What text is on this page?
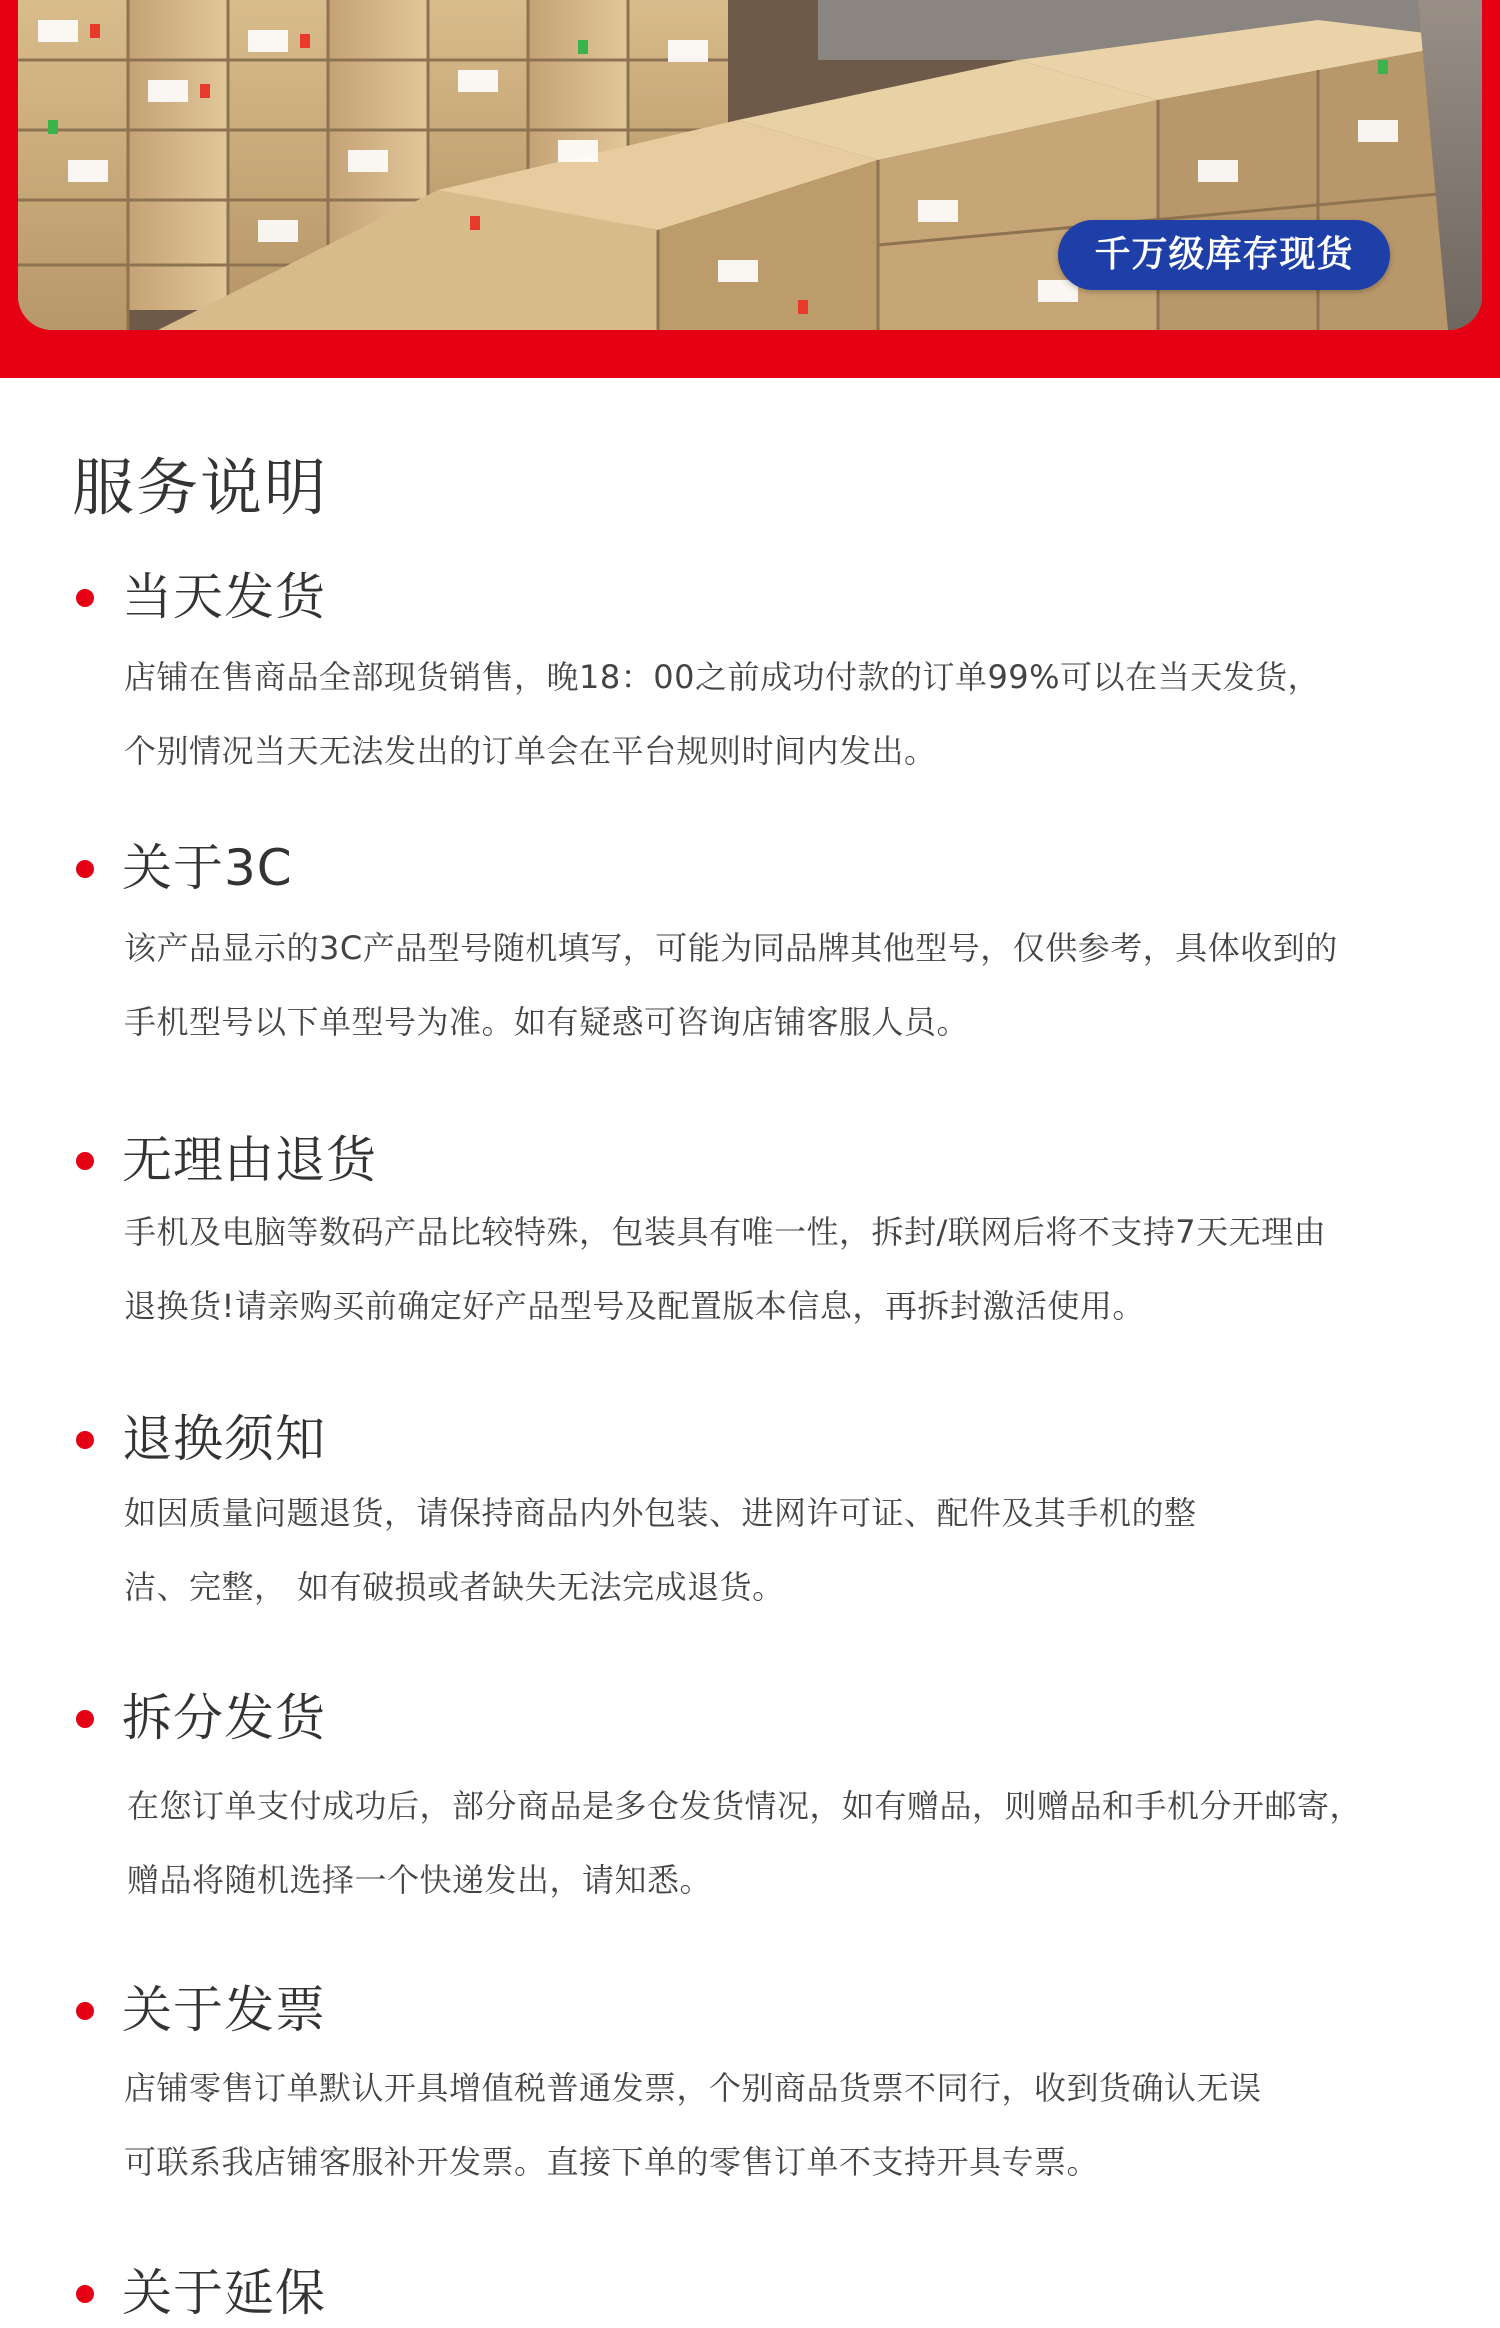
千万级库存现货
服务说明
当天发货

店铺在售商品全部现货销售，晚18：00之前成功付款的订单99%可以在当天发货，

个别情况当天无法发出的订单会在平台规则时间内发出。

关于3C

该产品显示的3C产品型号随机填写，可能为同品牌其他型号，仅供参考，具体收到的

手机型号以下单型号为准。如有疑惑可咨询店铺客服人员。

无理由退货

手机及电脑等数码产品比较特殊，包装具有唯一性，拆封/联网后将不支持7天无理由

退换货!请亲购买前确定好产品型号及配置版本信息，再拆封激活使用。

退换须知

如因质量问题退货，请保持商品内外包装、进网许可证、配件及其手机的整

洁、完整， 如有破损或者缺失无法完成退货。

拆分发货

在您订单支付成功后，部分商品是多仓发货情况，如有赠品，则赠品和手机分开邮寄，

赠品将随机选择一个快递发出，请知悉。

关于发票

店铺零售订单默认开具增值税普通发票，个别商品货票不同行，收到货确认无误

可联系我店铺客服补开发票。直接下单的零售订单不支持开具专票。

关于延保
